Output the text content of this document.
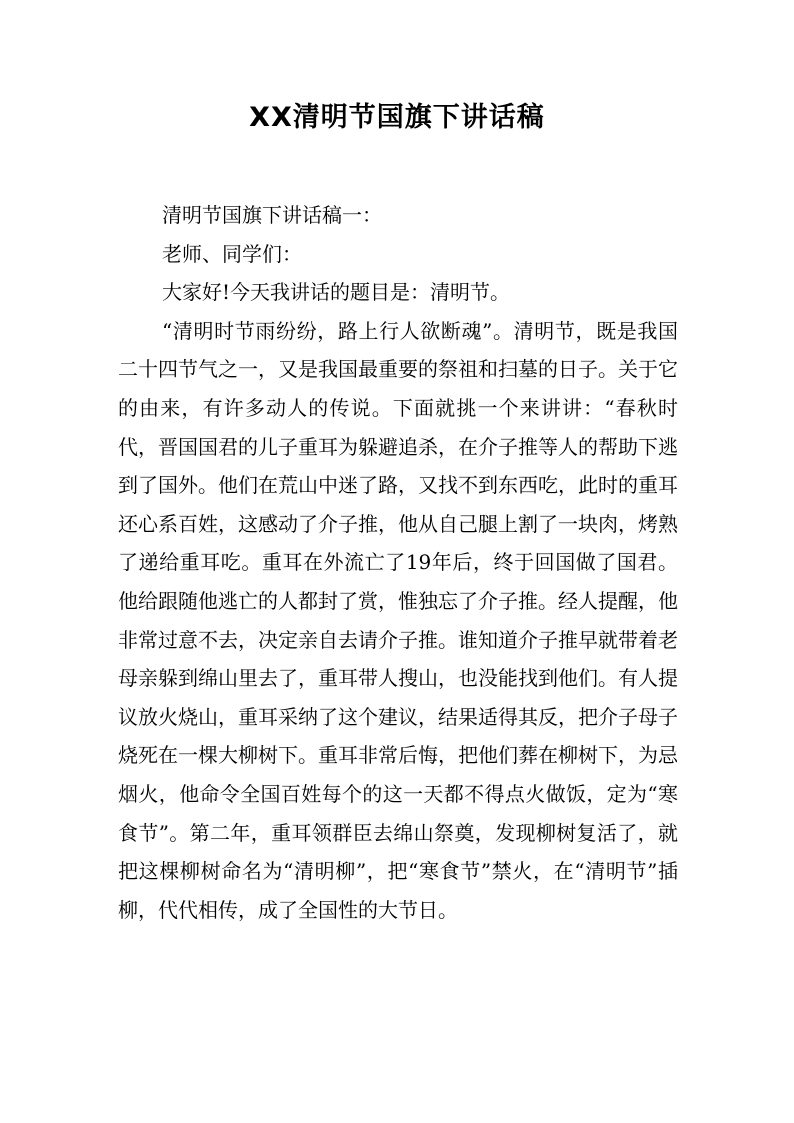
XX清明节国旗下讲话稿

清明节国旗下讲话稿一：

老师、同学们：

大家好!今天我讲话的题目是：清明节。

“清明时节雨纷纷，路上行人欲断魂”。清明节，既是我国二十四节气之一，又是我国最重要的祭祖和扫墓的日子。关于它的由来，有许多动人的传说。下面就挑一个来讲讲：“春秋时代，晋国国君的儿子重耳为躲避追杀，在介子推等人的帮助下逃到了国外。他们在荒山中迷了路，又找不到东西吃，此时的重耳还心系百姓，这感动了介子推，他从自己腿上割了一块肉，烤熟了递给重耳吃。重耳在外流亡了19年后，终于回国做了国君。他给跟随他逃亡的人都封了赏，惟独忘了介子推。经人提醒，他非常过意不去，决定亲自去请介子推。谁知道介子推早就带着老母亲躲到绵山里去了，重耳带人搜山，也没能找到他们。有人提议放火烧山，重耳采纳了这个建议，结果适得其反，把介子母子烧死在一棵大柳树下。重耳非常后悔，把他们葬在柳树下，为忌烟火，他命令全国百姓每个的这一天都不得点火做饭，定为“寒食节”。第二年，重耳领群臣去绵山祭奠，发现柳树复活了，就把这棵柳树命名为“清明柳”，把“寒食节”禁火，在“清明节”插柳，代代相传，成了全国性的大节日。
